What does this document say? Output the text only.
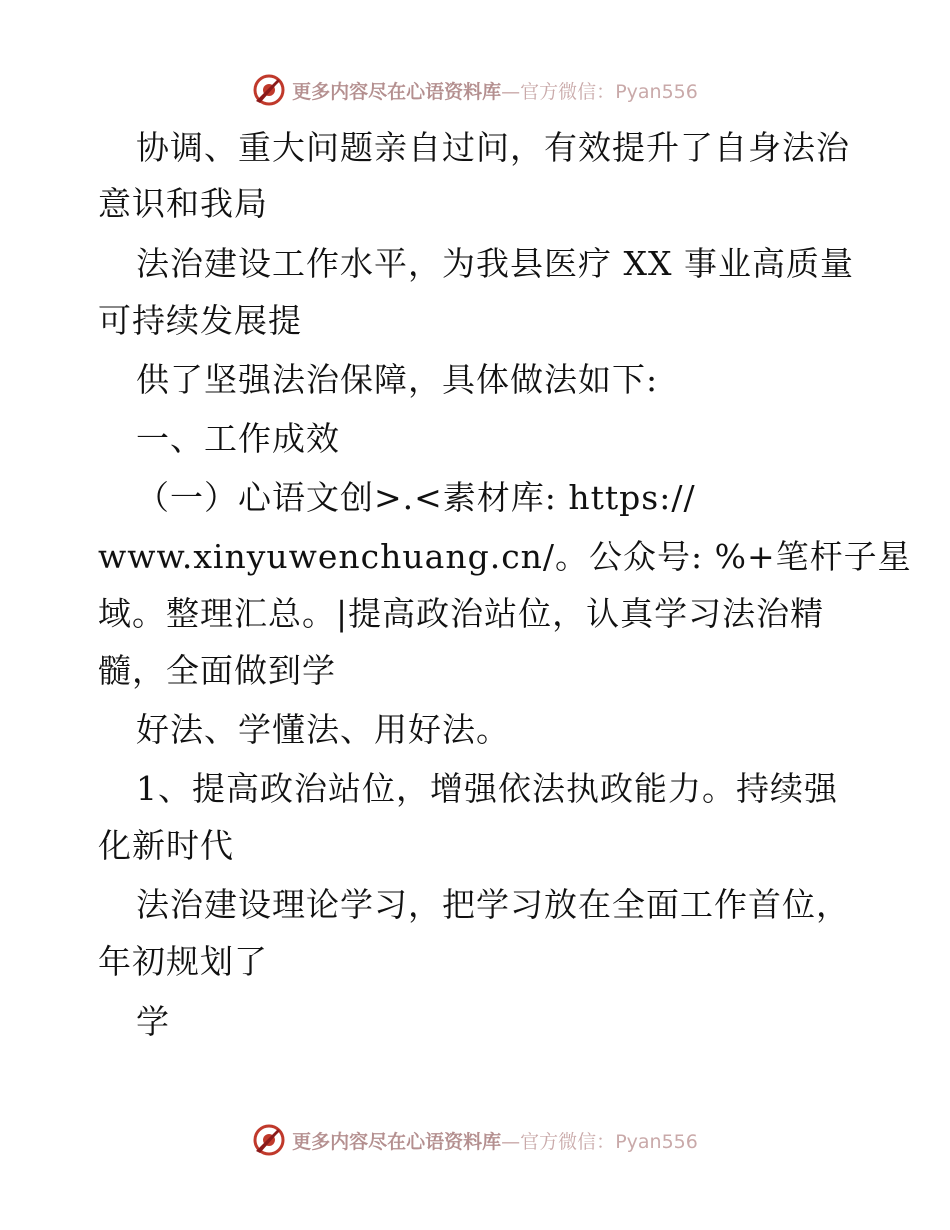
更多内容尽在心语资料库—官方微信：Pyan556
协调、重大问题亲自过问，有效提升了自身法治
意识和我局
法治建设工作水平，为我县医疗 XX 事业高质量
可持续发展提
供了坚强法治保障，具体做法如下:
一、工作成效
（一）心语文创>.<素材库: https://
www.xinyuwenchuang.cn/。公众号: %+笔杆子星
域。整理汇总。|提高政治站位，认真学习法治精
髓，全面做到学
好法、学懂法、用好法。
1、提高政治站位，增强依法执政能力。持续强
化新时代
法治建设理论学习，把学习放在全面工作首位，
年初规划了
学
更多内容尽在心语资料库—官方微信：Pyan556
